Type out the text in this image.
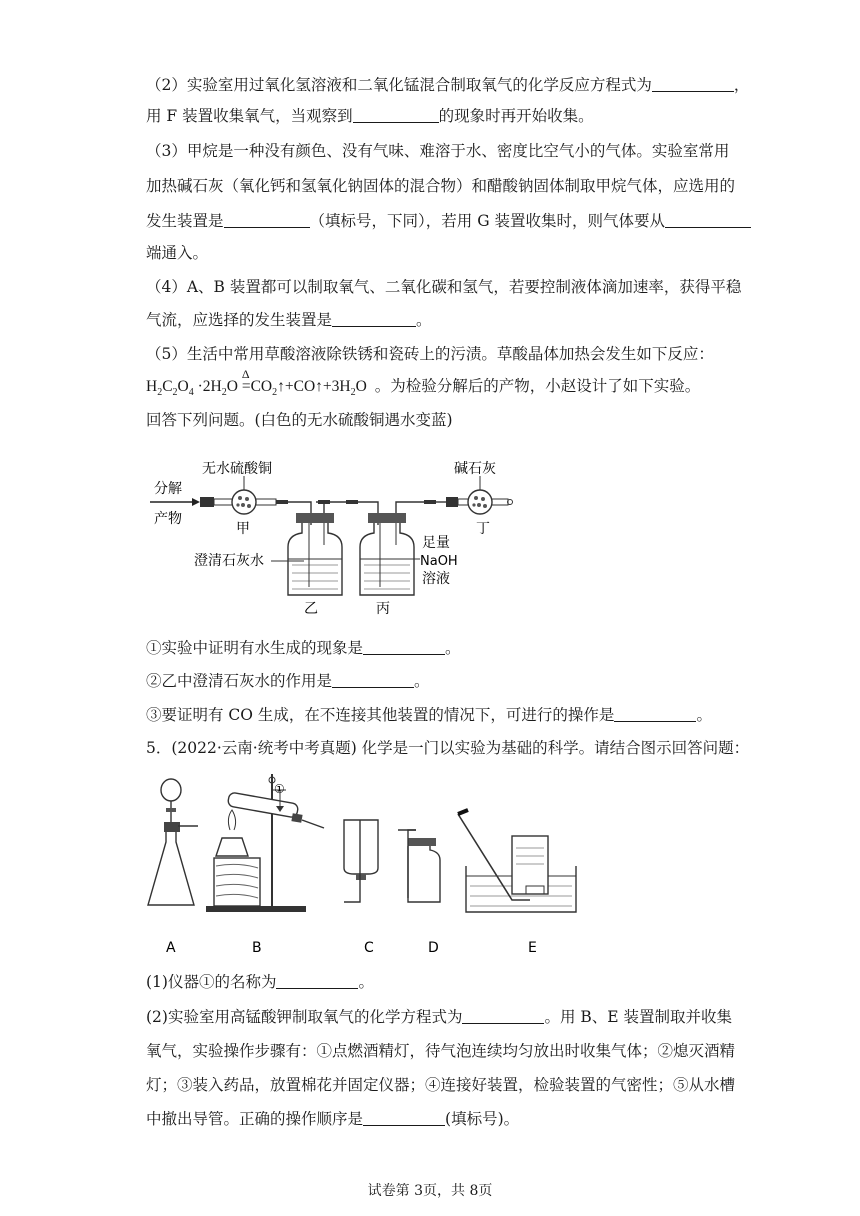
（2）实验室用过氧化氢溶液和二氧化锰混合制取氧气的化学反应方程式为	，
用 F 装置收集氧气，当观察到	的现象时再开始收集。
（3）甲烷是一种没有颜色、没有气味、难溶于水、密度比空气小的气体。实验室常用
加热碱石灰（氧化钙和氢氧化钠固体的混合物）和醋酸钠固体制取甲烷气体，应选用的
发生装置是	（填标号，下同），若用 G 装置收集时，则气体要从
端通入。
（4）A、B 装置都可以制取氧气、二氧化碳和氢气，若要控制液体滴加速率，获得平稳
气流，应选择的发生装置是	。
（5）生活中常用草酸溶液除铁锈和瓷砖上的污渍。草酸晶体加热会发生如下反应：
$H_2C_2O_4 \cdot 2H_2O$
Δ
$=CO_2↑+CO↑+3H_2O$ 。为检验分解后的产物，小赵设计了如下实验。
回答下列问题。(白色的无水硫酸铜遇水变蓝)
分解
产物
无水硫酸铜
甲
乙
澄清石灰水
丙
足量
NaOH
溶液
碱石灰
丁
①实验中证明有水生成的现象是	。
②乙中澄清石灰水的作用是	。
③要证明有 CO 生成，在不连接其他装置的情况下，可进行的操作是	。
5．(2022·云南·统考中考真题) 化学是一门以实验为基础的科学。请结合图示回答问题：
A
①
B	C	D	E
(1)仪器①的名称为	。
(2)实验室用高锰酸钾制取氧气的化学方程式为	。用 B、E 装置制取并收集
氧气，实验操作步骤有：①点燃酒精灯，待气泡连续均匀放出时收集气体；②熄灭酒精
灯；③装入药品，放置棉花并固定仪器；④连接好装置，检验装置的气密性；⑤从水槽
中撤出导管。正确的操作顺序是	(填标号)。
试卷第 3页，共 8页
